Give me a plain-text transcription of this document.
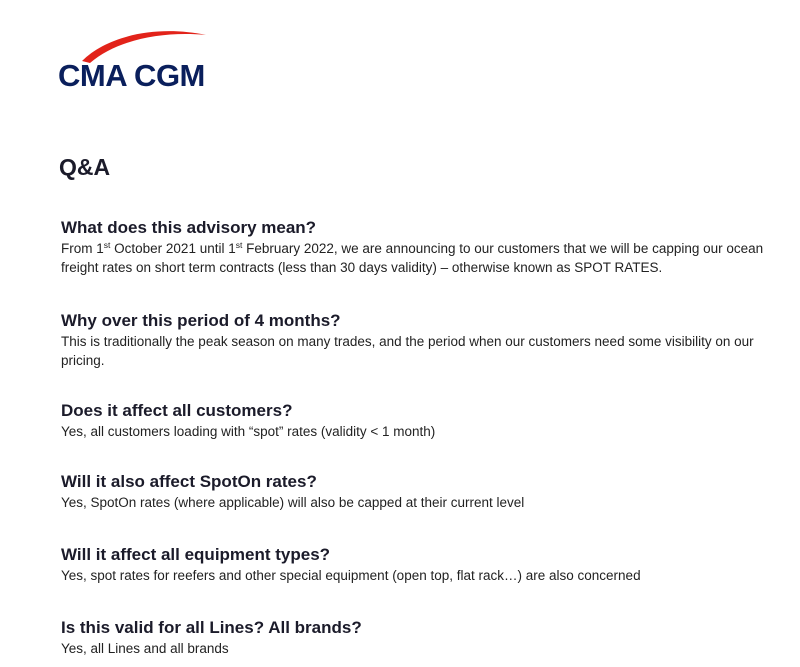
CMA CGM
Q&A
What does this advisory mean?
From 1st October 2021 until 1st February 2022, we are announcing to our customers that we will be capping our ocean freight rates on short term contracts (less than 30 days validity) – otherwise known as SPOT RATES.
Why over this period of 4 months?
This is traditionally the peak season on many trades, and the period when our customers need some visibility on our pricing.
Does it affect all customers?
Yes, all customers loading with “spot” rates (validity < 1 month)
Will it also affect SpotOn rates?
Yes, SpotOn rates (where applicable) will also be capped at their current level
Will it affect all equipment types?
Yes, spot rates for reefers and other special equipment (open top, flat rack…) are also concerned
Is this valid for all Lines? All brands?
Yes, all Lines and all brands
